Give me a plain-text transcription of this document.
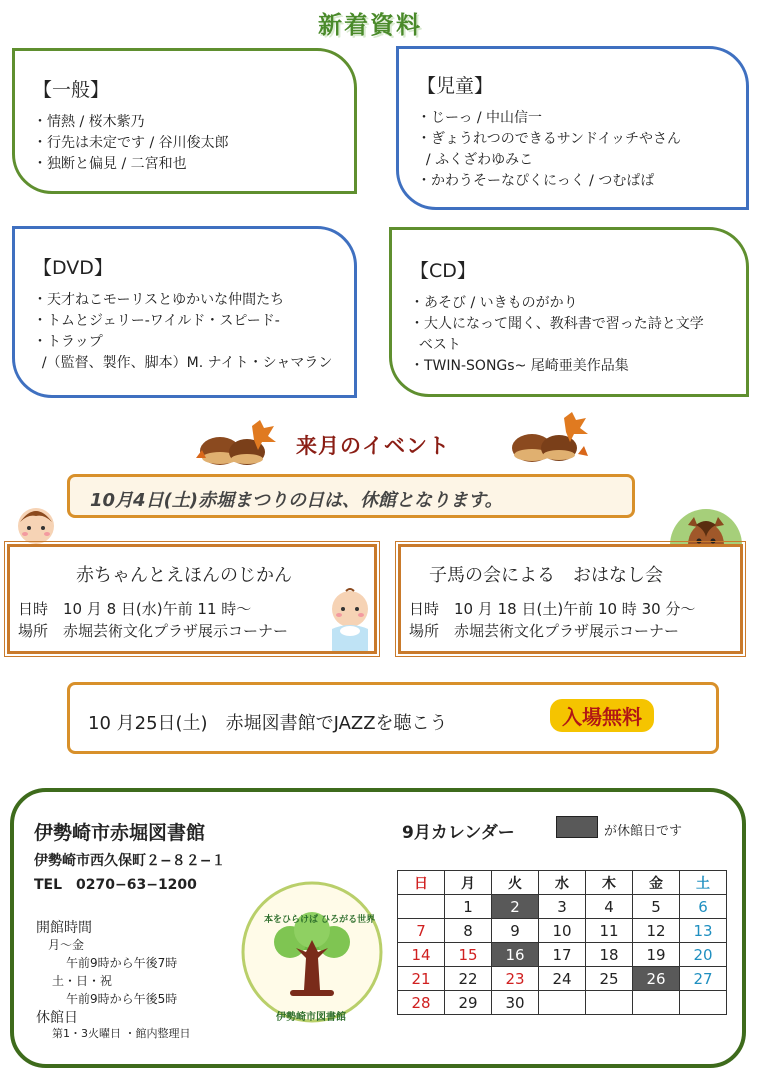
新着資料
【一般】
・情熱 / 桜木紫乃
・行先は未定です / 谷川俊太郎
・独断と偏見 / 二宮和也
【児童】
・じーっ / 中山信一
・ぎょうれつのできるサンドイッチやさん
/ ふくざわゆみこ
・かわうそーなぴくにっく / つむぱぱ
【DVD】
・天才ねこモーリスとゆかいな仲間たち
・トムとジェリー-ワイルド・スピード-
・トラップ
/（監督、製作、脚本）M. ナイト・シャマラン
【CD】
・あそび / いきものがかり
・大人になって聞く、教科書で習った詩と文学
ベスト
・TWIN-SONGs~ 尾崎亜美作品集
来月のイベント
10月4日(土)赤堀まつりの日は、休館となります。
赤ちゃんとえほんのじかん
日時　10 月 8 日(水)午前 11 時～
場所　赤堀芸術文化プラザ展示コーナー
子馬の会による　おはなし会
日時　10 月 18 日(土)午前 10 時 30 分～
場所　赤堀芸術文化プラザ展示コーナー
10 月25日(土)　赤堀図書館でJAZZを聴こう	入場無料
伊勢崎市赤堀図書館
伊勢崎市西久保町２−８２−１
TEL　0270−63−1200
開館時間
月〜金
午前9時から午後7時
土・日・祝
午前9時から午後5時
休館日
第1・3火曜日 ・館内整理日
本をひらけば ひろがる世界
伊勢崎市図書館
9月カレンダー	が休館日です
日	月	火	水	木	金	土
	1	2	3	4	5	6
7	8	9	10	11	12	13
14	15	16	17	18	19	20
21	22	23	24	25	26	27
28	29	30				
